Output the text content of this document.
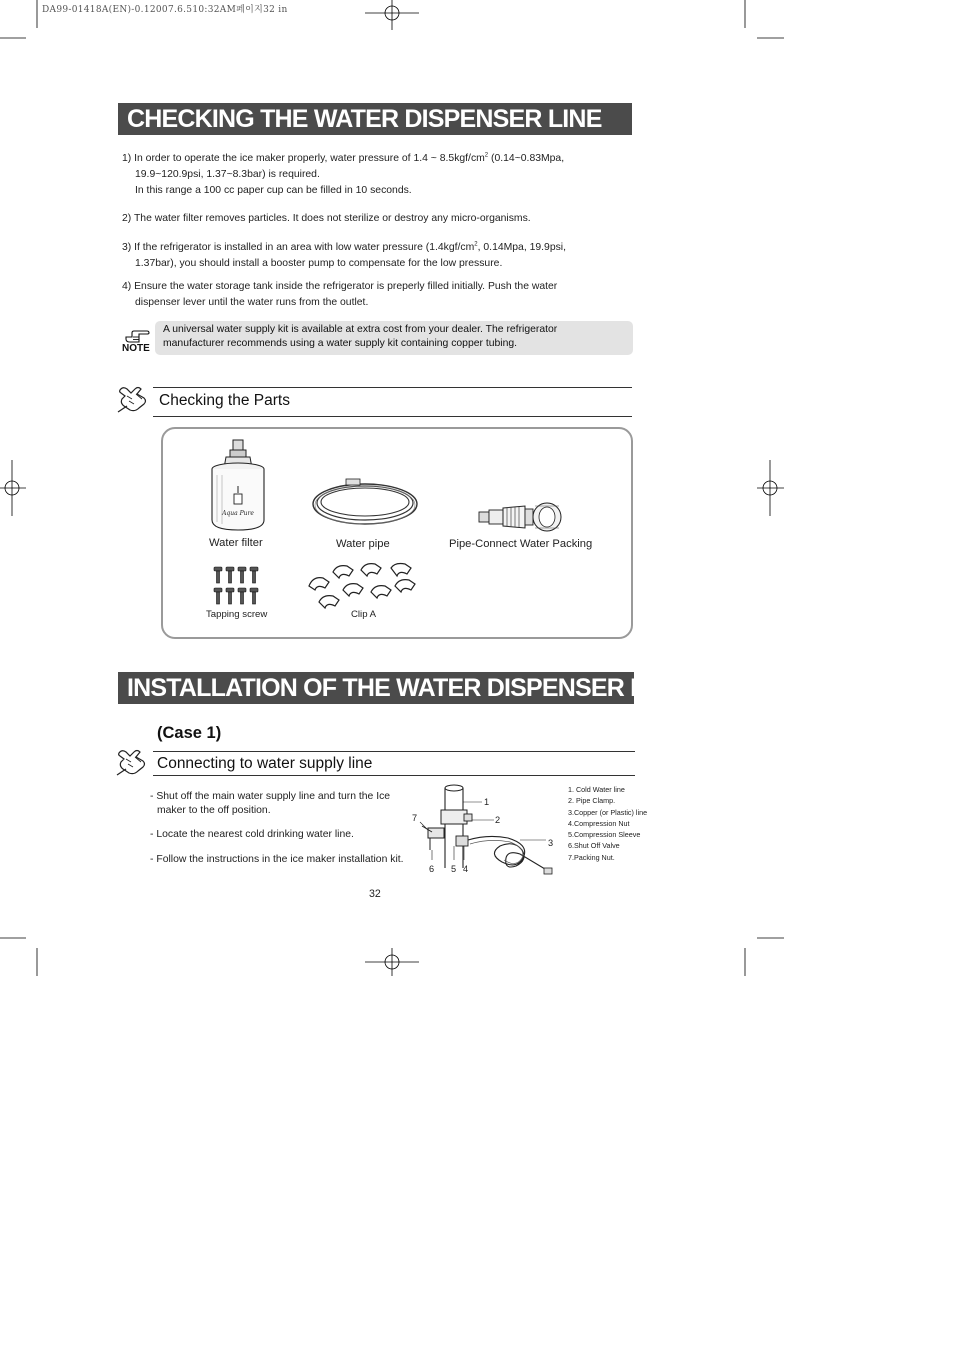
DA99-01418A(EN)-0.12007.6.510:32AM페이지32 in
CHECKING THE WATER DISPENSER LINE
1) In order to operate the ice maker properly, water pressure of 1.4 ~ $8.5kgf/cm^2$ (0.14~0.83Mpa,
19.9~120.9psi, 1.37~8.3bar) is required.
In this range a 100 cc paper cup can be filled in 10 seconds.
2) The water filter removes particles. It does not sterilize or destroy any micro-organisms.
3) If the refrigerator is installed in an area with low water pressure ($1.4kgf/cm^2$, 0.14Mpa, 19.9psi,
1.37bar), you should install a booster pump to compensate for the low pressure.
4) Ensure the water storage tank inside the refrigerator is preperly filled initially. Push the water
dispenser lever until the water runs from the outlet.
NOTE
A universal water supply kit is available at extra cost from your dealer. The refrigerator
manufacturer recommends using a water supply kit containing copper tubing.
Checking the Parts
Aqua Pure
Water filter	Water pipe	Pipe-Connect Water Packing
Tapping screw	Clip A
INSTALLATION OF THE WATER DISPENSER LINE
(Case 1)
Connecting to water supply line
- Shut off the main water supply line and turn the Ice
maker to the off position.
- Locate the nearest cold drinking water line.
- Follow the instructions in the ice maker installation kit.
1
2
3
4
5
6
7
1. Cold Water line
2. Pipe Clamp.
3.Copper (or Plastic) line
4.Compression Nut
5.Compression Sleeve
6.Shut Off Valve
7.Packing Nut.
32
